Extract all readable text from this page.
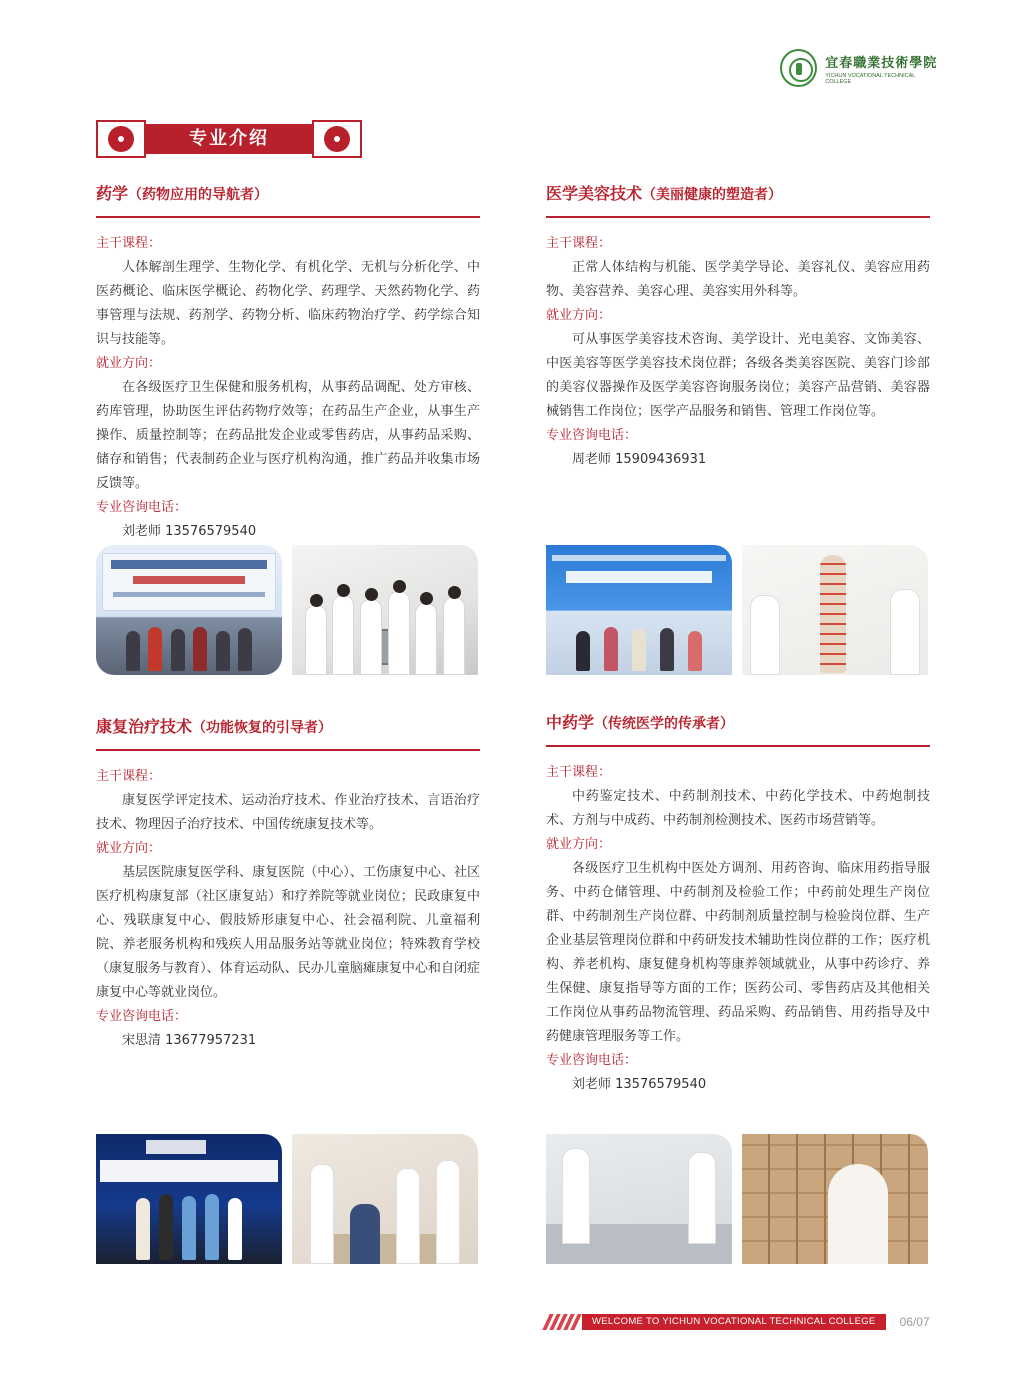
宜春職業技術學院
YICHUN VOCATIONAL TECHNICAL COLLEGE
专业介绍
药学（药物应用的导航者）
主干课程：
人体解剖生理学、生物化学、有机化学、无机与分析化学、中医药概论、临床医学概论、药物化学、药理学、天然药物化学、药事管理与法规、药剂学、药物分析、临床药物治疗学、药学综合知识与技能等。
就业方向：
在各级医疗卫生保健和服务机构，从事药品调配、处方审核、药库管理，协助医生评估药物疗效等；在药品生产企业，从事生产操作、质量控制等；在药品批发企业或零售药店，从事药品采购、储存和销售；代表制药企业与医疗机构沟通，推广药品并收集市场反馈等。
专业咨询电话：
刘老师 13576579540
医学美容技术（美丽健康的塑造者）
主干课程：
正常人体结构与机能、医学美学导论、美容礼仪、美容应用药物、美容营养、美容心理、美容实用外科等。
就业方向：
可从事医学美容技术咨询、美学设计、光电美容、文饰美容、中医美容等医学美容技术岗位群；各级各类美容医院、美容门诊部的美容仪器操作及医学美容咨询服务岗位；美容产品营销、美容器械销售工作岗位；医学产品服务和销售、管理工作岗位等。
专业咨询电话：
周老师 15909436931
康复治疗技术（功能恢复的引导者）
主干课程：
康复医学评定技术、运动治疗技术、作业治疗技术、言语治疗技术、物理因子治疗技术、中国传统康复技术等。
就业方向：
基层医院康复医学科、康复医院（中心）、工伤康复中心、社区医疗机构康复部（社区康复站）和疗养院等就业岗位；民政康复中心、残联康复中心、假肢矫形康复中心、社会福利院、儿童福利院、养老服务机构和残疾人用品服务站等就业岗位；特殊教育学校（康复服务与教育）、体育运动队、民办儿童脑瘫康复中心和自闭症康复中心等就业岗位。
专业咨询电话：
宋思清 13677957231
中药学（传统医学的传承者）
主干课程：
中药鉴定技术、中药制剂技术、中药化学技术、中药炮制技术、方剂与中成药、中药制剂检测技术、医药市场营销等。
就业方向：
各级医疗卫生机构中医处方调剂、用药咨询、临床用药指导服务、中药仓储管理、中药制剂及检验工作；中药前处理生产岗位群、中药制剂生产岗位群、中药制剂质量控制与检验岗位群、生产企业基层管理岗位群和中药研发技术辅助性岗位群的工作；医疗机构、养老机构、康复健身机构等康养领域就业，从事中药诊疗、养生保健、康复指导等方面的工作；医药公司、零售药店及其他相关工作岗位从事药品物流管理、药品采购、药品销售、用药指导及中药健康管理服务等工作。
专业咨询电话：
刘老师 13576579540
WELCOME TO YICHUN VOCATIONAL TECHNICAL COLLEGE	06/07
